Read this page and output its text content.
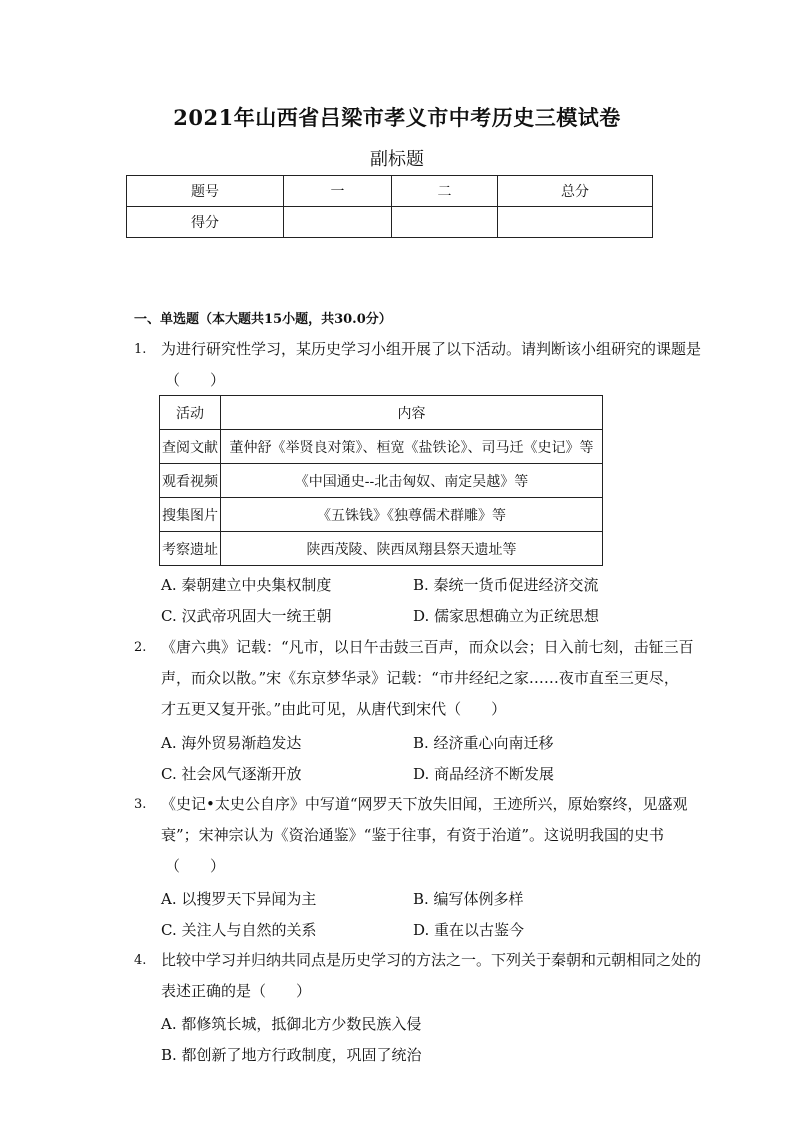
2021年山西省吕梁市孝义市中考历史三模试卷
副标题
题号	一	二	总分
得分			
一、单选题（本大题共15小题，共30.0分）
1. 为进行研究性学习，某历史学习小组开展了以下活动。请判断该小组研究的课题是
（　　）
活动	内容
查阅文献	董仲舒《举贤良对策》、桓宽《盐铁论》、司马迁《史记》等
观看视频	《中国通史--北击匈奴、南定吴越》等
搜集图片	《五铢钱》《独尊儒术群雕》等
考察遗址	陕西茂陵、陕西凤翔县祭天遗址等
A. 秦朝建立中央集权制度	B. 秦统一货币促进经济交流
C. 汉武帝巩固大一统王朝	D. 儒家思想确立为正统思想
2. 《唐六典》记载：“凡市，以日午击鼓三百声，而众以会；日入前七刻，击钲三百
声，而众以散。”宋《东京梦华录》记载：“市井经纪之家……夜市直至三更尽，
才五更又复开张。”由此可见，从唐代到宋代（　　）
A. 海外贸易渐趋发达	B. 经济重心向南迁移
C. 社会风气逐渐开放	D. 商品经济不断发展
3. 《史记•太史公自序》中写道“网罗天下放失旧闻，王迹所兴，原始察终，见盛观
衰”；宋神宗认为《资治通鉴》“鉴于往事，有资于治道”。这说明我国的史书
（　　）
A. 以搜罗天下异闻为主	B. 编写体例多样
C. 关注人与自然的关系	D. 重在以古鉴今
4. 比较中学习并归纳共同点是历史学习的方法之一。下列关于秦朝和元朝相同之处的
表述正确的是（　　）
A. 都修筑长城，抵御北方少数民族入侵
B. 都创新了地方行政制度，巩固了统治
